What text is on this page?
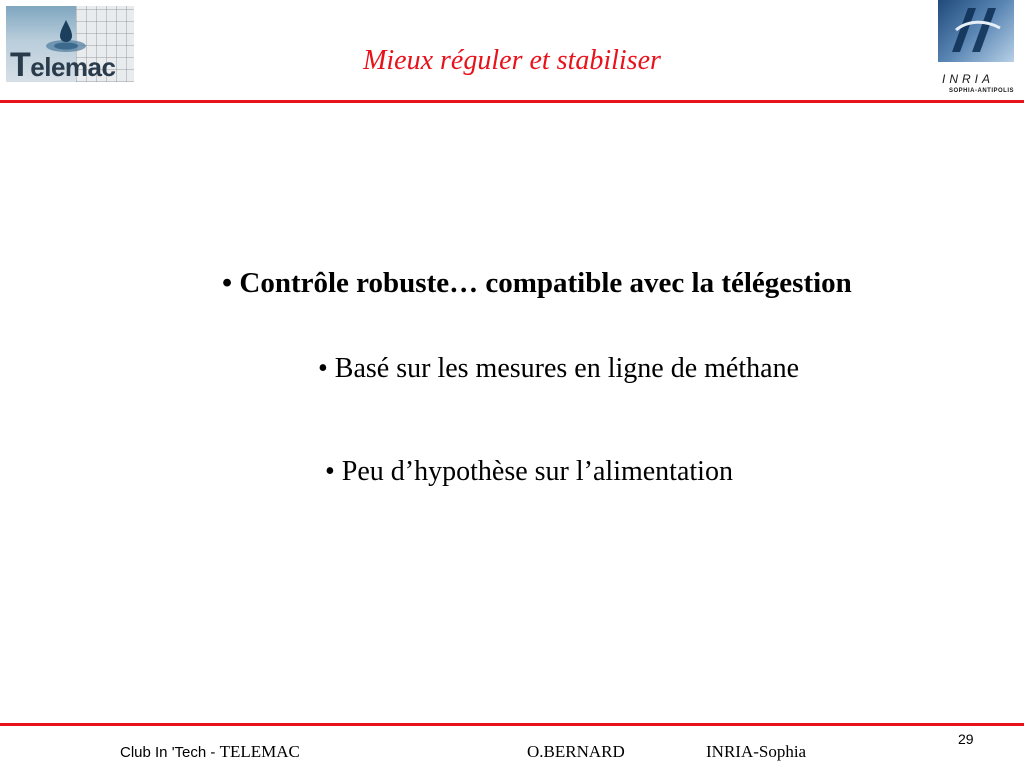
Telemac	Mieux réguler et stabiliser
INRIA
SOPHIA-ANTIPOLIS
• Contrôle robuste… compatible avec la télégestion
• Basé sur les mesures en ligne de méthane
• Peu d’hypothèse sur l’alimentation
Club In 'Tech - TELEMAC	O.BERNARD	INRIA-Sophia
29
